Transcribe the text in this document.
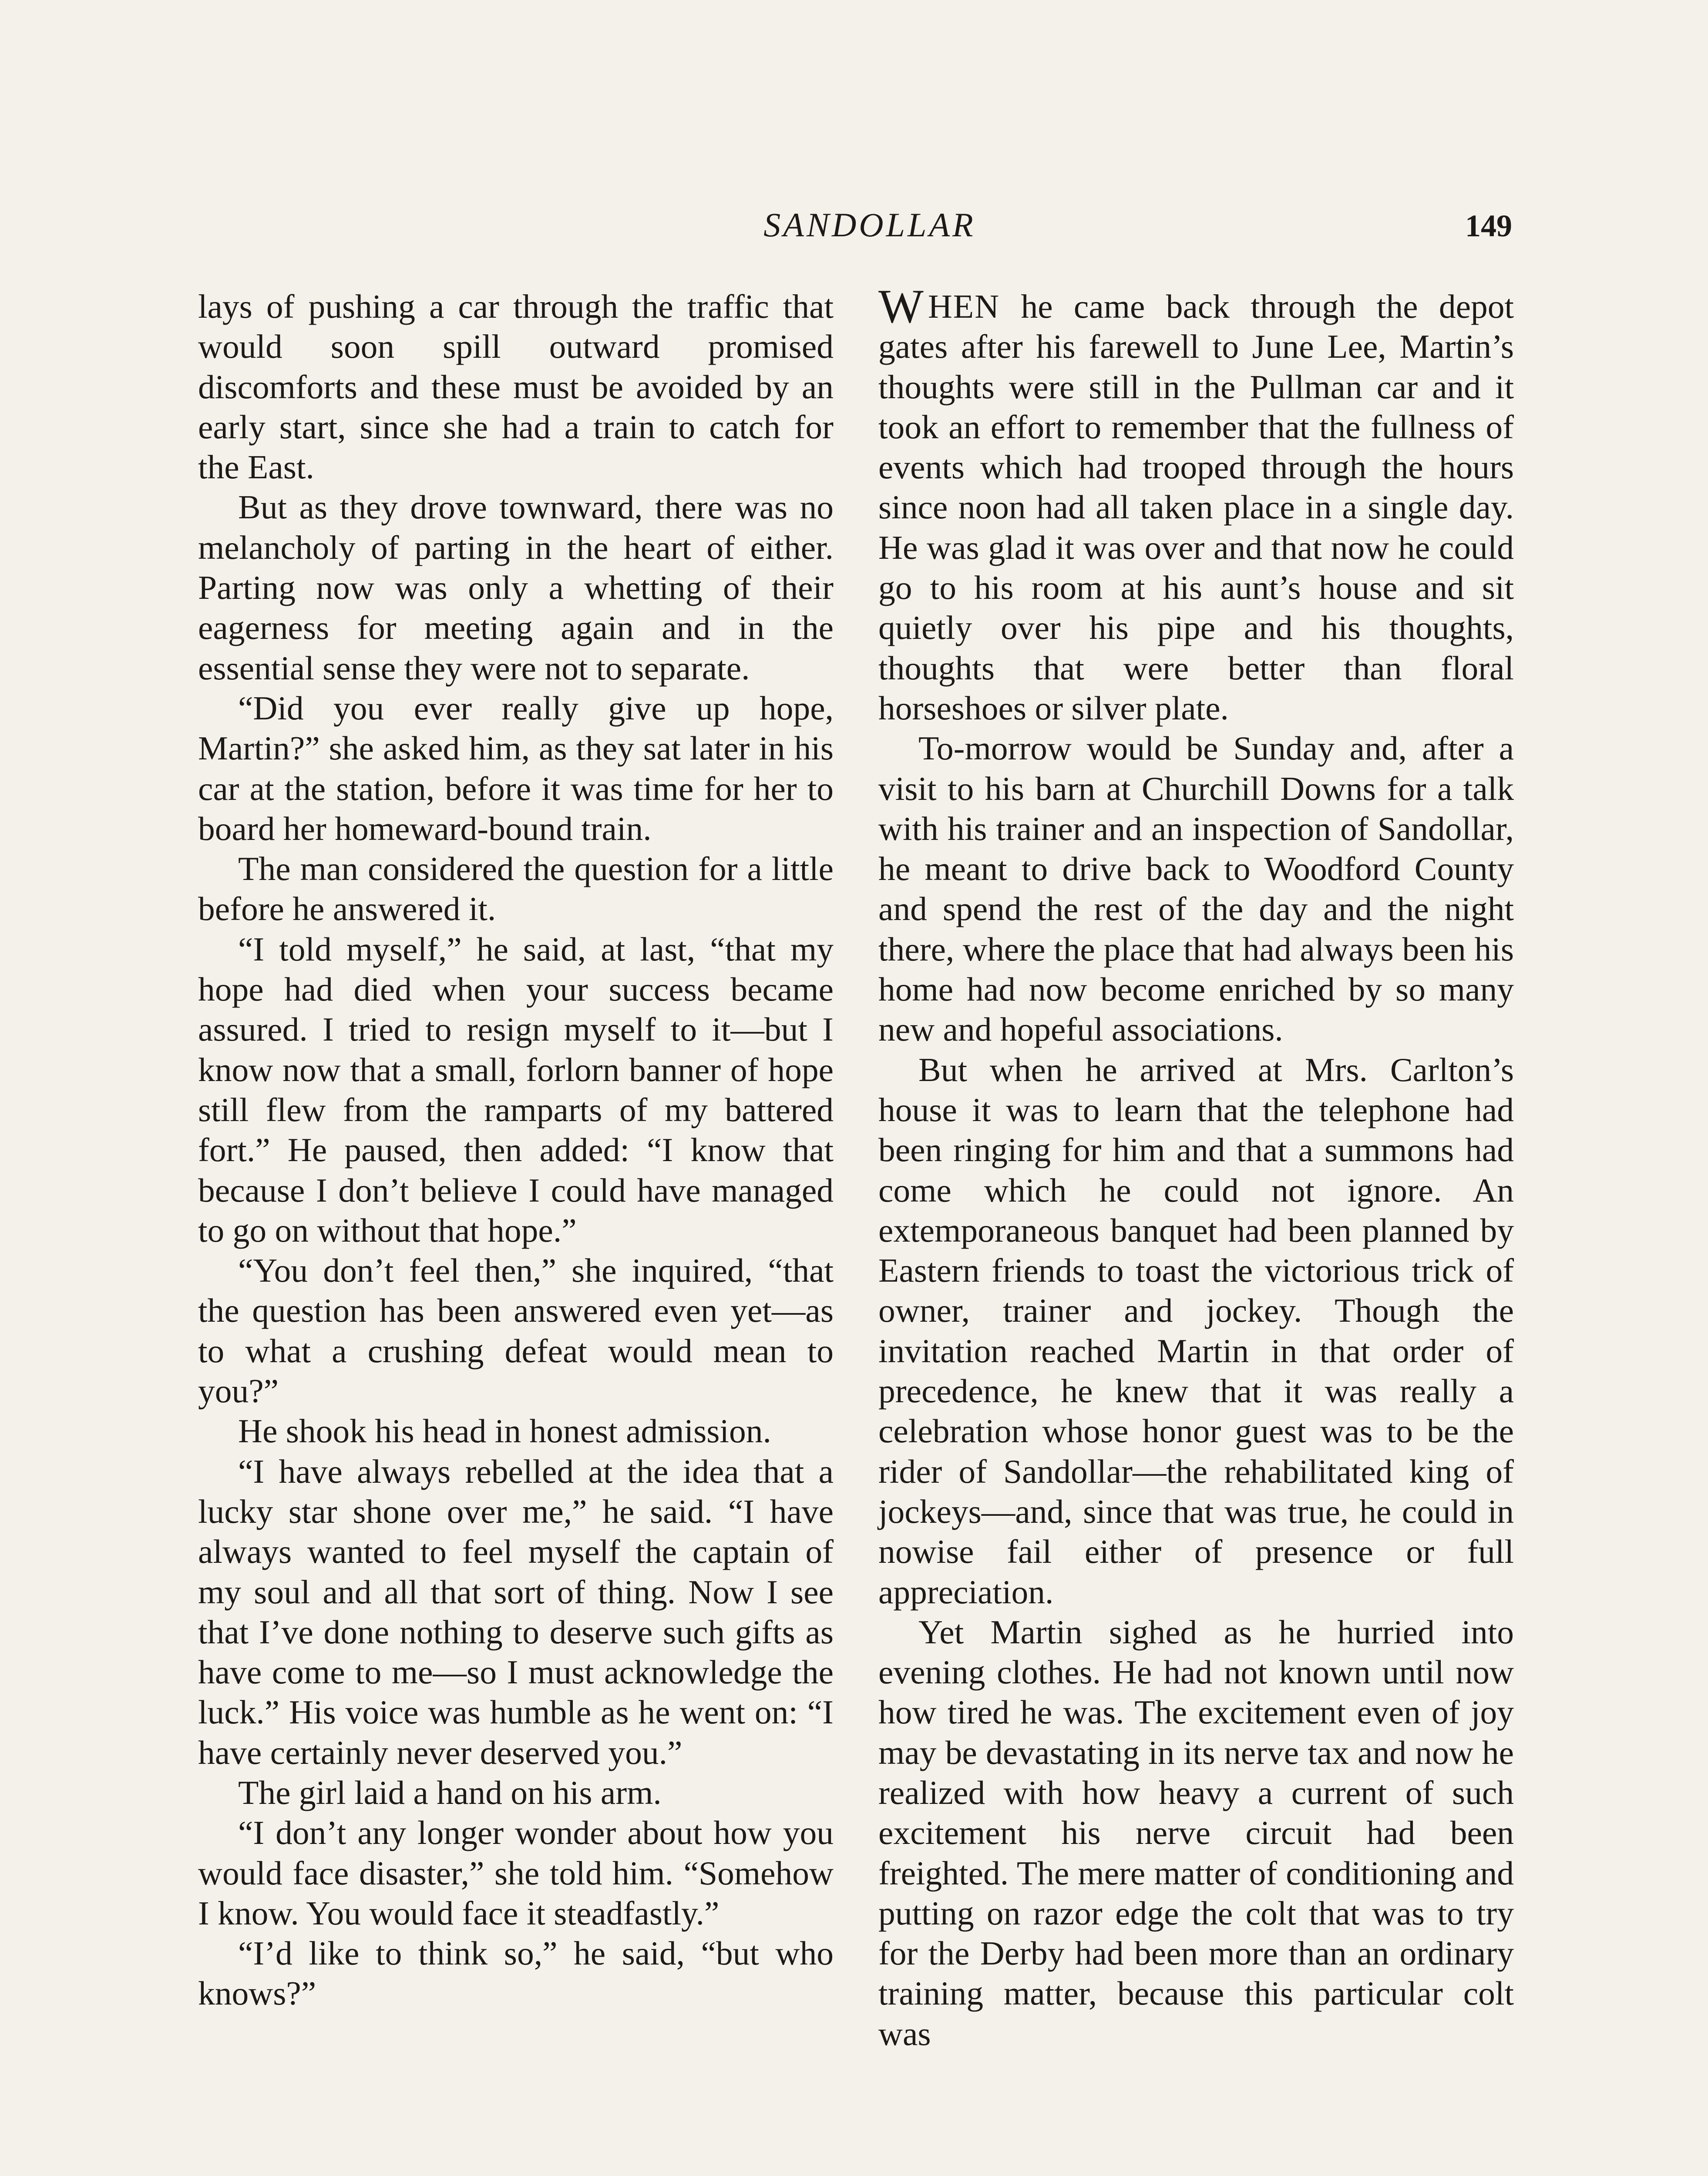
SANDOLLAR	149

lays of pushing a car through the traffic that would soon spill outward promised discomforts and these must be avoided by an early start, since she had a train to catch for the East.

But as they drove townward, there was no melancholy of parting in the heart of either. Parting now was only a whetting of their eagerness for meeting again and in the essential sense they were not to separate.

“Did you ever really give up hope, Martin?” she asked him, as they sat later in his car at the station, before it was time for her to board her homeward-bound train.

The man considered the question for a little before he answered it.

“I told myself,” he said, at last, “that my hope had died when your success became assured. I tried to resign myself to it—but I know now that a small, forlorn banner of hope still flew from the ramparts of my battered fort.” He paused, then added: “I know that because I don’t believe I could have managed to go on without that hope.”

“You don’t feel then,” she inquired, “that the question has been answered even yet—as to what a crushing defeat would mean to you?”

He shook his head in honest admission.

“I have always rebelled at the idea that a lucky star shone over me,” he said. “I have always wanted to feel myself the captain of my soul and all that sort of thing. Now I see that I’ve done nothing to deserve such gifts as have come to me—so I must acknowledge the luck.” His voice was humble as he went on: “I have certainly never deserved you.”

The girl laid a hand on his arm.

“I don’t any longer wonder about how you would face disaster,” she told him. “Somehow I know. You would face it steadfastly.”

“I’d like to think so,” he said, “but who knows?”

W HEN he came back through the depot gates after his farewell to June Lee, Martin’s thoughts were still in the Pullman car and it took an effort to remember that the fullness of events which had trooped through the hours since noon had all taken place in a single day. He was glad it was over and that now he could go to his room at his aunt’s house and sit quietly over his pipe and his thoughts, thoughts that were better than floral horseshoes or silver plate.

To-morrow would be Sunday and, after a visit to his barn at Churchill Downs for a talk with his trainer and an inspection of Sandollar, he meant to drive back to Woodford County and spend the rest of the day and the night there, where the place that had always been his home had now become enriched by so many new and hopeful associations.

But when he arrived at Mrs. Carlton’s house it was to learn that the telephone had been ringing for him and that a summons had come which he could not ignore. An extemporaneous banquet had been planned by Eastern friends to toast the victorious trick of owner, trainer and jockey. Though the invitation reached Martin in that order of precedence, he knew that it was really a celebration whose honor guest was to be the rider of Sandollar—the rehabilitated king of jockeys—and, since that was true, he could in nowise fail either of presence or full appreciation.

Yet Martin sighed as he hurried into evening clothes. He had not known until now how tired he was. The excitement even of joy may be devastating in its nerve tax and now he realized with how heavy a current of such excitement his nerve circuit had been freighted. The mere matter of conditioning and putting on razor edge the colt that was to try for the Derby had been more than an ordinary training matter, because this particular colt was
